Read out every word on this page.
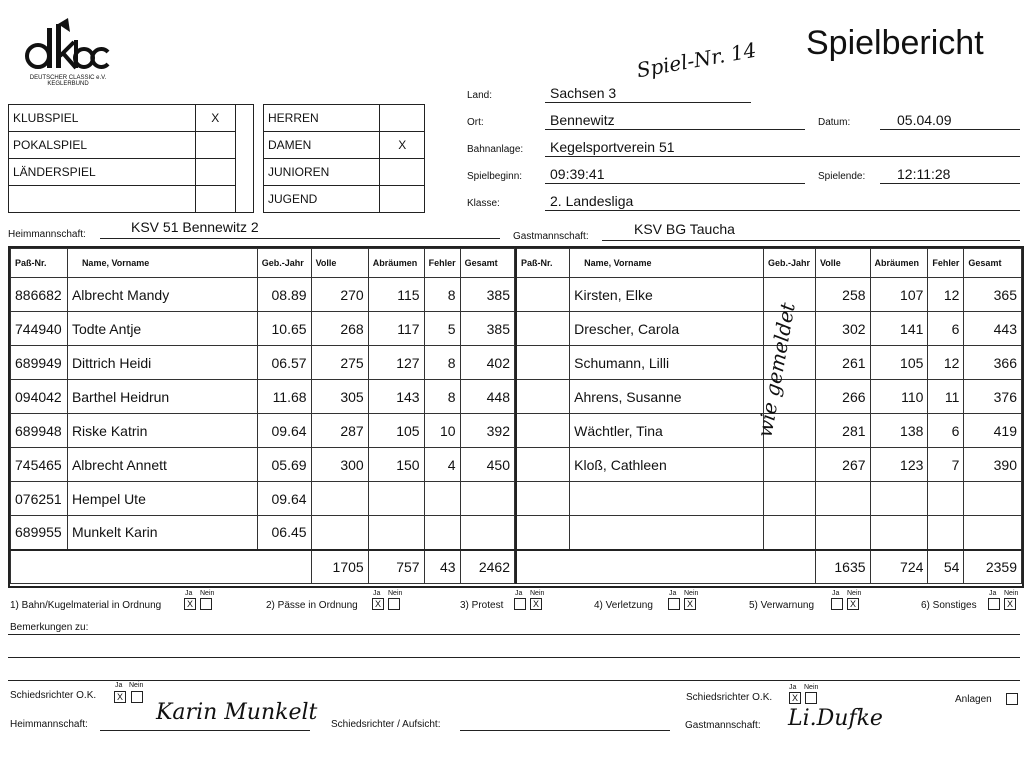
DEUTSCHER CLASSIC e.V.
KEGLERBUND
Spiel-Nr. 14 Spielbericht
KLUBSPIEL	X	
POKALSPIEL		
LÄNDERSPIEL		

HERREN	
DAMEN	X
JUNIOREN	
JUGEND	
Land:	Sachsen 3
Ort:	Bennewitz	Datum:	05.04.09
Bahnanlage: Kegelsportverein 51
Spielbeginn: 09:39:41	Spielende: 12:11:28
Klasse:	2. Landesliga
Heimmannschaft:	KSV 51 Bennewitz 2
Gastmannschaft:	KSV BG Taucha
Paß-Nr.	Name, Vorname	Geb.-Jahr	Volle	Abräumen	Fehler	Gesamt
886682	Albrecht Mandy	08.89	270	115	8	385
744940	Todte Antje	10.65	268	117	5	385
689949	Dittrich Heidi	06.57	275	127	8	402
094042	Barthel Heidrun	11.68	305	143	8	448
689948	Riske Katrin	09.64	287	105	10	392
745465	Albrecht Annett	05.69	300	150	4	450
076251	Hempel Ute	09.64				
689955	Munkelt Karin	06.45				
			1705	757	43	2462
Paß-Nr.	Name, Vorname	Geb.-Jahr	Volle	Abräumen	Fehler	Gesamt
	Kirsten, Elke		258	107	12	365
	Drescher, Carola		302	141	6	443
	Schumann, Lilli		261	105	12	366
	Ahrens, Susanne		266	110	11	376
	Wächtler, Tina		281	138	6	419
	Kloß, Cathleen		267	123	7	390

			1635	724	54	2359
wie gemeldet
1) Bahn/Kugelmaterial in Ordnung
Ja Nein
X	2) Pässe in Ordnung
Ja Nein
X	3) Protest
Ja Nein
X	4) Verletzung
Ja Nein
X	5) Verwarnung
Ja Nein
X	6) Sonstiges
Ja Nein
X
Bemerkungen zu:
Schiedsrichter O.K.
Ja Nein
X	Schiedsrichter O.K.
Ja Nein
X	Anlagen
Heimmannschaft:	Karin Munkelt Schiedsrichter / Aufsicht:	Gastmannschaft: Li.Dufke
